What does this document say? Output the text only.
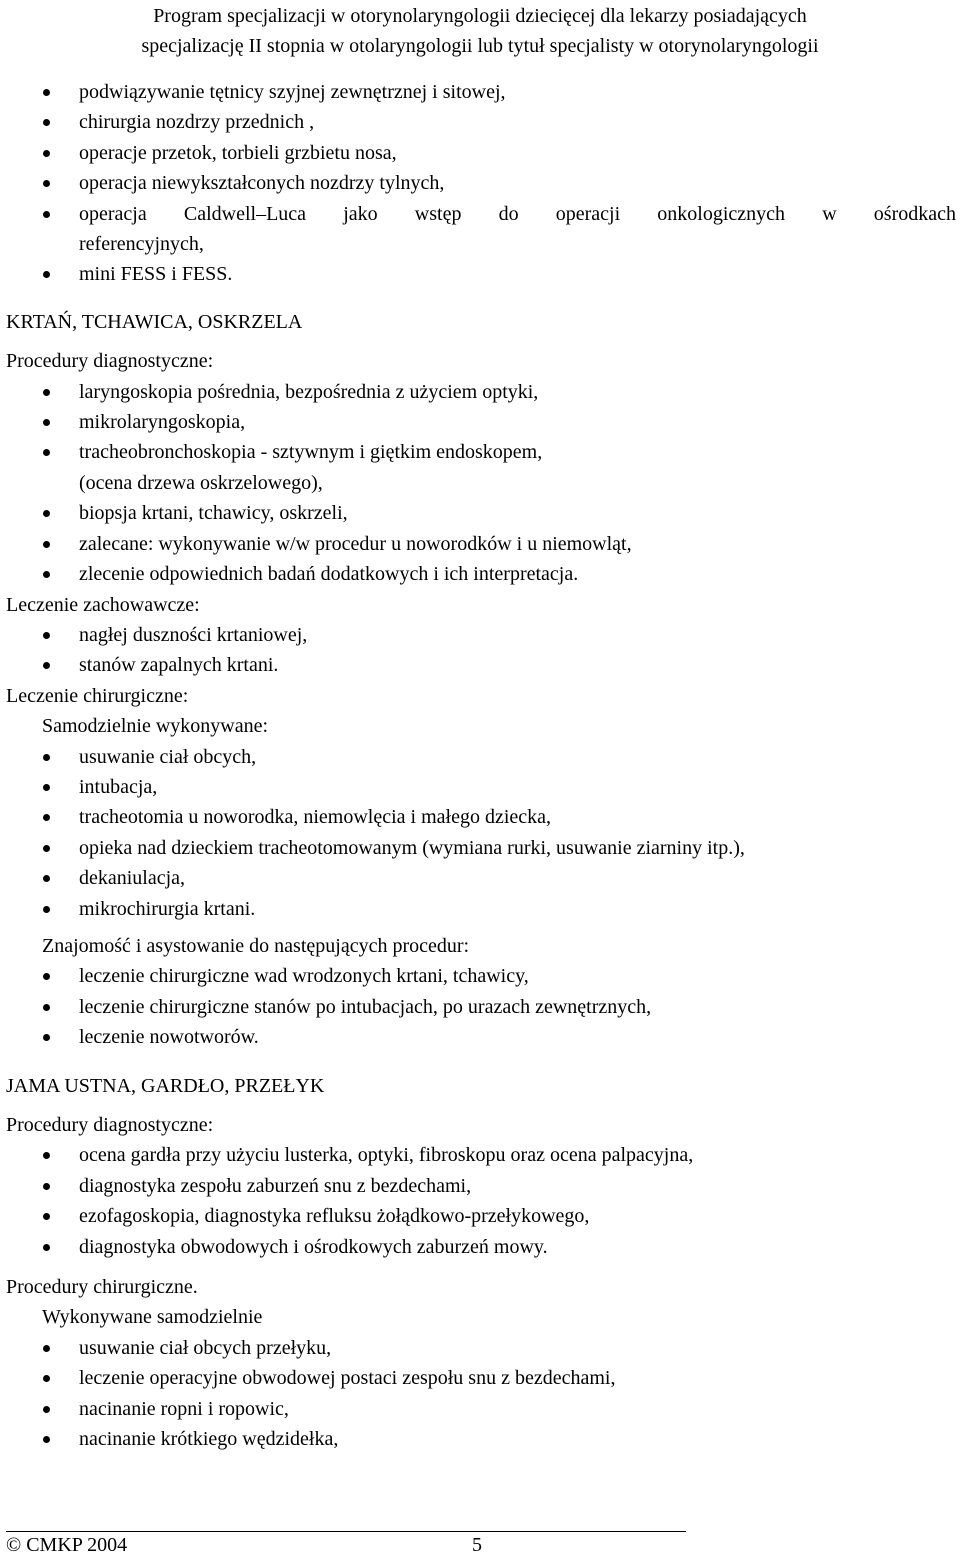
Program specjalizacji w otorynolaryngologii dziecięcej dla lekarzy posiadających
specjalizację II stopnia w otolaryngologii lub tytuł specjalisty w otorynolaryngologii
podwiązywanie tętnicy szyjnej zewnętrznej i sitowej,
chirurgia nozdrzy przednich ,
operacje przetok, torbieli grzbietu nosa,
operacja niewykształconych nozdrzy tylnych,
operacja Caldwell–Luca jako wstęp do operacji onkologicznych w ośrodkach
referencyjnych,
mini FESS i FESS.
KRTAŃ, TCHAWICA, OSKRZELA
Procedury diagnostyczne:
laryngoskopia pośrednia, bezpośrednia z użyciem optyki,
mikrolaryngoskopia,
tracheobronchoskopia - sztywnym i giętkim endoskopem,
(ocena drzewa oskrzelowego),
biopsja krtani, tchawicy, oskrzeli,
zalecane: wykonywanie w/w procedur u noworodków i u niemowląt,
zlecenie odpowiednich badań dodatkowych i ich interpretacja.
Leczenie zachowawcze:
nagłej duszności krtaniowej,
stanów zapalnych krtani.
Leczenie chirurgiczne:
Samodzielnie wykonywane:
usuwanie ciał obcych,
intubacja,
tracheotomia u noworodka, niemowlęcia i małego dziecka,
opieka nad dzieckiem tracheotomowanym (wymiana rurki, usuwanie ziarniny itp.),
dekaniulacja,
mikrochirurgia krtani.
Znajomość i asystowanie do następujących procedur:
leczenie chirurgiczne wad wrodzonych krtani, tchawicy,
leczenie chirurgiczne stanów po intubacjach, po urazach zewnętrznych,
leczenie nowotworów.
JAMA USTNA, GARDŁO, PRZEŁYK
Procedury diagnostyczne:
ocena gardła przy użyciu lusterka, optyki, fibroskopu oraz ocena palpacyjna,
diagnostyka zespołu zaburzeń snu z bezdechami,
ezofagoskopia, diagnostyka refluksu żołądkowo-przełykowego,
diagnostyka obwodowych i ośrodkowych zaburzeń mowy.
Procedury chirurgiczne.
Wykonywane samodzielnie
usuwanie ciał obcych przełyku,
leczenie operacyjne obwodowej postaci zespołu snu z bezdechami,
nacinanie ropni i ropowic,
nacinanie krótkiego wędzidełka,
© CMKP 2004	5
